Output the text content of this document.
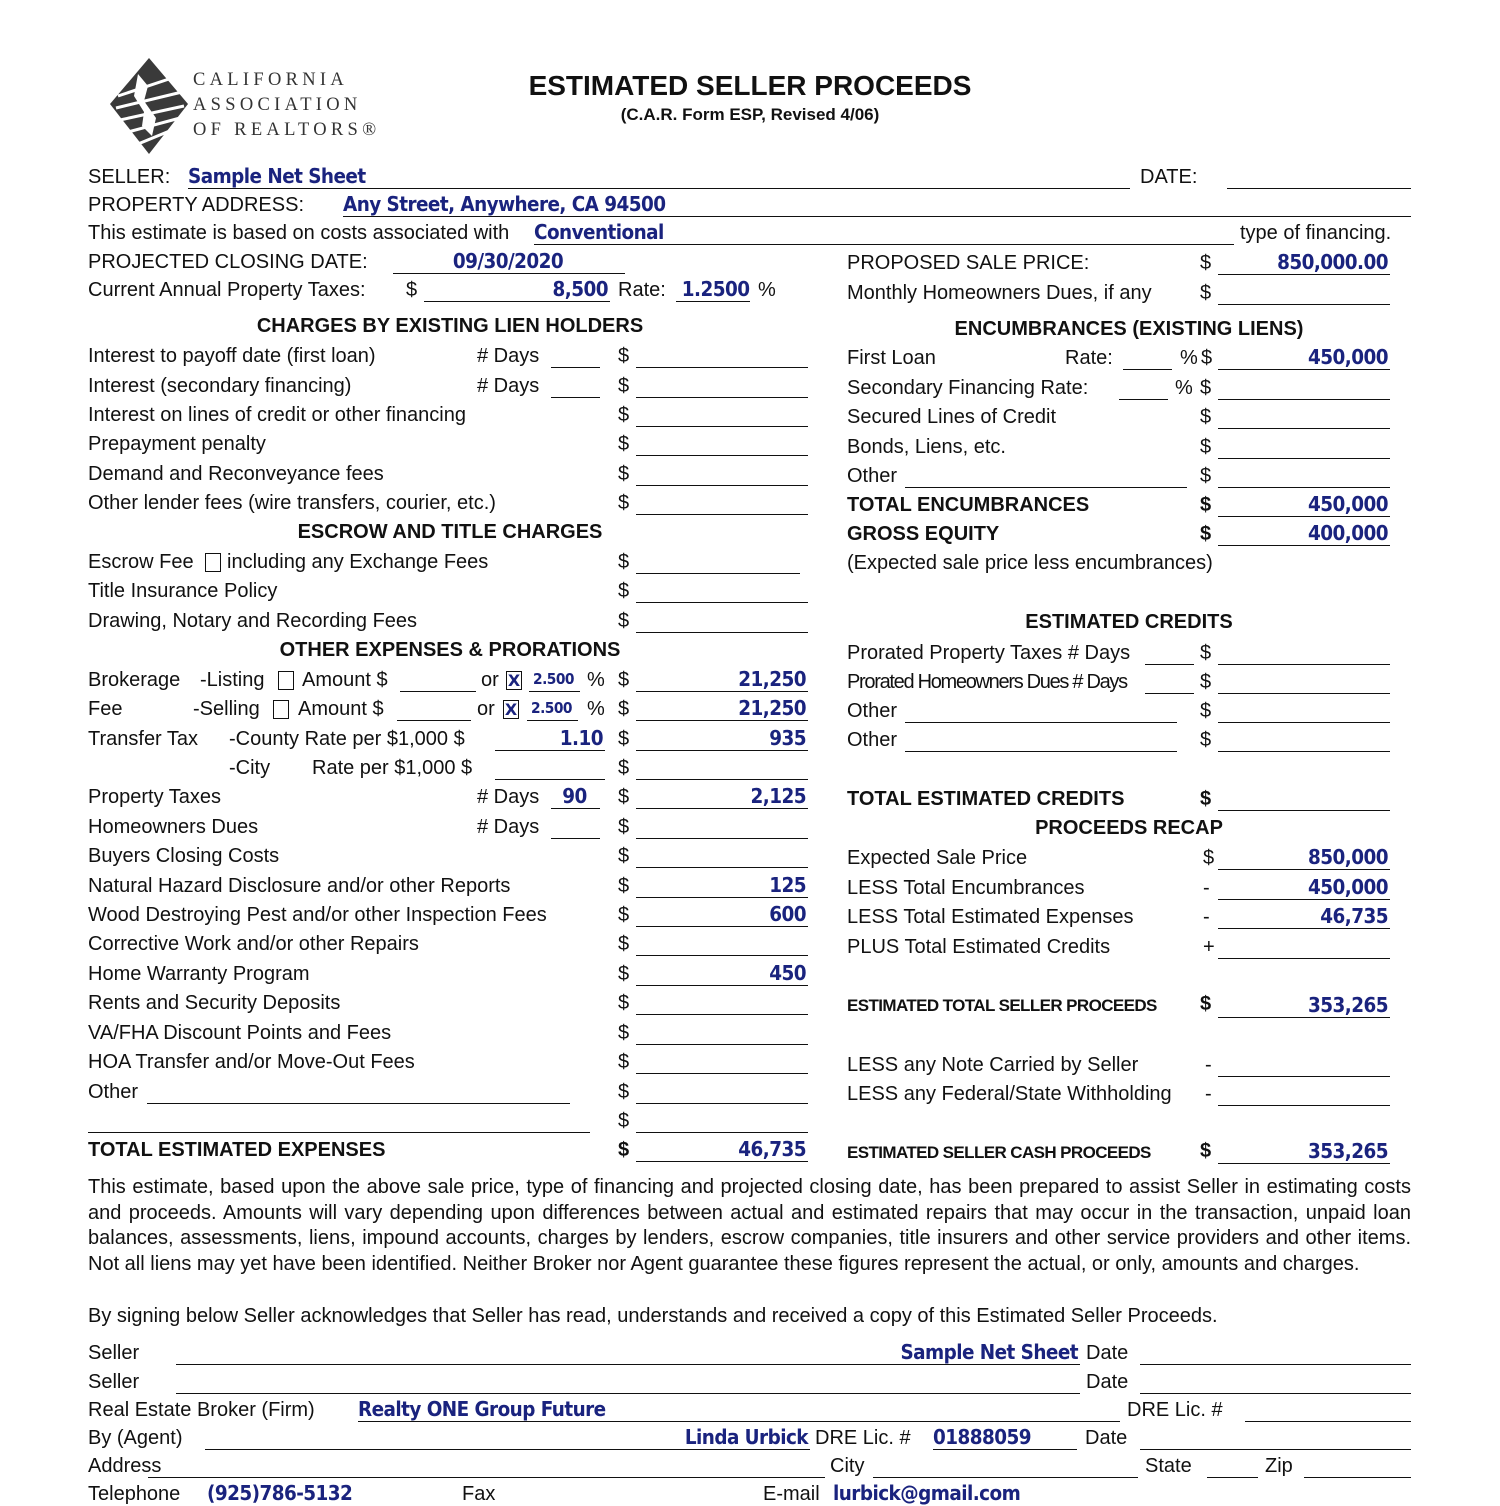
CALIFORNIA
ASSOCIATION
OF REALTORS®
ESTIMATED SELLER PROCEEDS
(C.A.R. Form ESP, Revised 4/06)
SELLER: Sample Net Sheet	DATE:
PROPERTY ADDRESS: Any Street, Anywhere, CA 94500
This estimate is based on costs associated with Conventional	type of financing.
PROJECTED CLOSING DATE:	09/30/2020
Current Annual Property Taxes: $	8,500 Rate: 1.2500 %
PROPOSED SALE PRICE:	$	850,000.00
Monthly Homeowners Dues, if any $
CHARGES BY EXISTING LIEN HOLDERS
Interest to payoff date (first loan)	# Days	$
Interest (secondary financing)	# Days	$
Interest on lines of credit or other financing	$
Prepayment penalty	$
Demand and Reconveyance fees	$
Other lender fees (wire transfers, courier, etc.)	$
ESCROW AND TITLE CHARGES
Escrow Fee including any Exchange Fees	$
Title Insurance Policy	$
Drawing, Notary and Recording Fees	$
OTHER EXPENSES & PRORATIONS
Brokerage -Listing Amount $	or X 2.500 % $	21,250
Fee	-Selling Amount $	or X 2.500 % $	21,250
Transfer Tax -County Rate per $1,000 $	1.10 $	935
-City Rate per $1,000 $	$
Property Taxes	# Days	90	$	2,125
Homeowners Dues	# Days	$
Buyers Closing Costs	$
Natural Hazard Disclosure and/or other Reports	$	125
Wood Destroying Pest and/or other Inspection Fees	$	600
Corrective Work and/or other Repairs	$
Home Warranty Program	$	450
Rents and Security Deposits	$
VA/FHA Discount Points and Fees	$
HOA Transfer and/or Move-Out Fees	$
Other	$
$
TOTAL ESTIMATED EXPENSES	$	46,735
ENCUMBRANCES (EXISTING LIENS)
First Loan	Rate:	% $	450,000
Secondary Financing Rate:	% $
Secured Lines of Credit	$
Bonds, Liens, etc.	$
Other	$
TOTAL ENCUMBRANCES	$	450,000
GROSS EQUITY	$	400,000
(Expected sale price less encumbrances)
ESTIMATED CREDITS
Prorated Property Taxes # Days	$
Prorated Homeowners Dues # Days	$
Other	$
Other	$
TOTAL ESTIMATED CREDITS	$
PROCEEDS RECAP
Expected Sale Price	$	850,000
LESS Total Encumbrances	-	450,000
LESS Total Estimated Expenses	-	46,735
PLUS Total Estimated Credits	+
ESTIMATED TOTAL SELLER PROCEEDS $	353,265
LESS any Note Carried by Seller	-
LESS any Federal/State Withholding -
ESTIMATED SELLER CASH PROCEEDS $	353,265
Seller	Sample Net Sheet Date
Seller	Date
Real Estate Broker (Firm) Realty ONE Group Future	DRE Lic. #
By (Agent)	Linda Urbick DRE Lic. # 01888059	Date
Address	City	State	Zip
Telephone (925)786-5132	Fax	E-mail lurbick@gmail.com
This estimate, based upon the above sale price, type of financing and projected closing date, has been prepared to assist Seller in estimating costs and proceeds. Amounts will vary depending upon differences between actual and estimated repairs that may occur in the transaction, unpaid loan balances, assessments, liens, impound accounts, charges by lenders, escrow companies, title insurers and other service providers and other items. Not all liens may yet have been identified. Neither Broker nor Agent guarantee these figures represent the actual, or only, amounts and charges.
By signing below Seller acknowledges that Seller has read, understands and received a copy of this Estimated Seller Proceeds.
